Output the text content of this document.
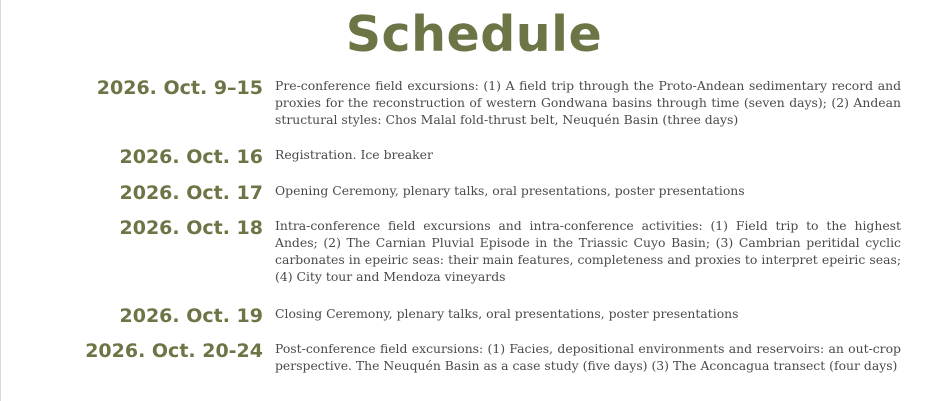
Schedule
2026. Oct. 9–15 Pre-conference field excursions: (1) A field trip through the Proto-Andean sedimentary record and proxies for the reconstruction of western Gondwana basins through time (seven days); (2) Andean structural styles: Chos Malal fold-thrust belt, Neuquén Basin (three days)
2026. Oct. 16 Registration. Ice breaker
2026. Oct. 17 Opening Ceremony, plenary talks, oral presentations, poster presentations
2026. Oct. 18 Intra-conference field excursions and intra-conference activities: (1) Field trip to the highest Andes; (2) The Carnian Pluvial Episode in the Triassic Cuyo Basin; (3) Cambrian peritidal cyclic carbonates in epeiric seas: their main features, completeness and proxies to interpret epeiric seas; (4) City tour and Mendoza vineyards
2026. Oct. 19 Closing Ceremony, plenary talks, oral presentations, poster presentations
2026. Oct. 20-24 Post-conference field excursions: (1) Facies, depositional environments and reservoirs: an out-crop perspective. The Neuquén Basin as a case study (five days) (3) The Aconcagua transect (four days)
